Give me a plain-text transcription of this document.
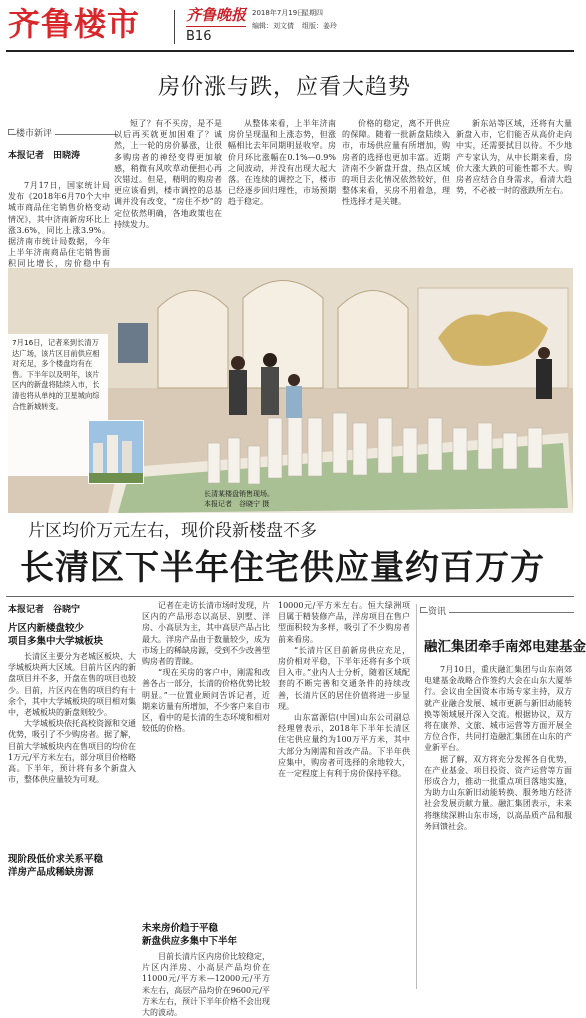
齐鲁楼市	齐鲁晚报
B16
2018年7月19日
星期四
编辑：刘文倩 组版：姜玲
房价涨与跌，应看大趋势
楼市新评
本报记者　田晓涛

7月17日，国家统计局发布《2018年6月70个大中城市商品住宅销售价格变动情况》，其中济南新房环比上涨3.6%，同比上涨3.9%。据济南市统计局数据，今年上半年济南商品住宅销售面积同比增长，房价稳中有

短了？有不买房，是不是以后再买就更加困难了？诚然，上一轮的房价暴涨，让很多购房者的神经变得更加敏感，稍微有风吹草动便担心再次错过。但是，精明的购房者更应该看到，楼市调控的总基调并没有改变，“房住不炒”的定位依然明确，各地政策也在持续发力。

从整体来看，上半年济南房价呈现温和上涨态势，但涨幅相比去年同期明显收窄。房价月环比涨幅在0.1%—0.9%之间波动，并没有出现大起大落。在连续的调控之下，楼市已经逐步回归理性，市场预期趋于稳定。

价格的稳定，离不开供应的保障。随着一批新盘陆续入市，市场供应量有所增加，购房者的选择也更加丰富。近期济南不少新盘开盘，热点区域的项目去化情况依然较好，但整体来看，买房不用着急，理性选择才是关键。

新东站等区域，还将有大量新盘入市，它们能否从高价走向中实，还需要拭目以待。不少地产专家认为，从中长期来看，房价大涨大跌的可能性都不大。购房者应结合自身需求，看清大趋势，不必被一时的涨跌所左右。

7月16日，记者来到长清万达广场，该片区目前供应相对充足，多个楼盘均有在售。下半年以及明年，该片区内的新盘将陆续入市，长清也将从单纯的卫星城向综合性新城转变。
长清某楼盘销售现场。
本报记者　谷晓宁 摄
片区均价万元左右，现价段新楼盘不多
长清区下半年住宅供应量约百万方
本报记者　谷晓宁
片区内新楼盘较少
项目多集中大学城板块

长清区主要分为老城区板块、大学城板块两大区域。目前片区内的新盘项目并不多，开盘在售的项目也较少。目前，片区内在售的项目约有十余个，其中大学城板块的项目相对集中，老城板块的新盘则较少。

大学城板块依托高校资源和交通优势，吸引了不少购房者。据了解，目前大学城板块内在售项目的均价在1万元/平方米左右，部分项目价格略高。下半年，预计将有多个新盘入市，整体供应量较为可观。

现阶段低价求关系平稳
洋房产品成稀缺房源

记者在走访长清市场时发现，片区内的产品形态以高层、别墅、洋房、小高层为主，其中高层产品占比最大。洋房产品由于数量较少，成为市场上的稀缺房源，受到不少改善型购房者的青睐。

“现在买房的客户中，刚需和改善各占一部分，长清的价格优势比较明显。”一位置业顾问告诉记者，近期来访量有所增加，不少客户来自市区，看中的是长清的生态环境和相对较低的价格。

未来房价趋于平稳
新盘供应多集中下半年

目前长清片区内房价比较稳定，片区内洋房、小高层产品均价在11000元/平方米—12000元/平方米左右，高层产品均价在9600元/平方米左右，预计下半年价格不会出现大的波动。

10000元/平方米左右。恒大绿洲项目属于精装修产品，洋房项目在售户型面积较为多样，吸引了不少购房者前来看房。

“长清片区目前新房供应充足，房价相对平稳，下半年还将有多个项目入市。”业内人士分析，随着区域配套的不断完善和交通条件的持续改善，长清片区的居住价值将进一步显现。

山东富源信(中国)山东公司副总经理曾表示，2018年下半年长清区住宅供应量约为100万平方米，其中大部分为刚需和首改产品。下半年供应集中，购房者可选择的余地较大，在一定程度上有利于房价保持平稳。

资讯
融汇集团牵手南郊电建基金

7月10日，重庆融汇集团与山东南郊电建基金战略合作签约大会在山东大厦举行。会议由全国资本市场专家主持，双方就产业融合发展、城市更新与新旧动能转换等领域展开深入交流。根据协议，双方将在康养、文旅、城市运营等方面开展全方位合作，共同打造融汇集团在山东的产业新平台。

据了解，双方将充分发挥各自优势，在产业基金、项目投资、资产运营等方面形成合力，推动一批重点项目落地实施，为助力山东新旧动能转换、服务地方经济社会发展贡献力量。融汇集团表示，未来将继续深耕山东市场，以高品质产品和服务回馈社会。
